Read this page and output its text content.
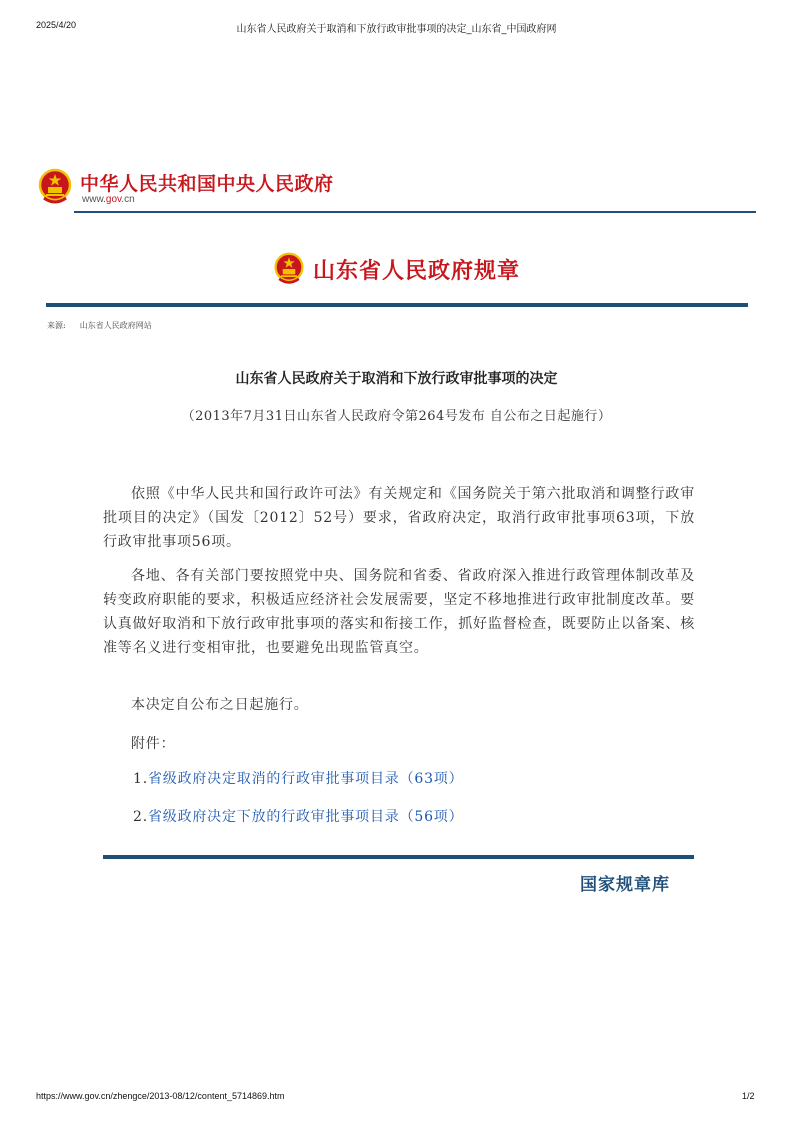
2025/4/20	山东省人民政府关于取消和下放行政审批事项的决定_山东省_中国政府网
中华人民共和国中央人民政府
www.gov.cn
山东省人民政府规章
来源: 山东省人民政府网站
山东省人民政府关于取消和下放行政审批事项的决定
（2013年7月31日山东省人民政府令第264号发布 自公布之日起施行）

依照《中华人民共和国行政许可法》有关规定和《国务院关于第六批取消和调整行政审批项目的决定》（国发〔2012〕52号）要求，省政府决定，取消行政审批事项63项，下放行政审批事项56项。

各地、各有关部门要按照党中央、国务院和省委、省政府深入推进行政管理体制改革及转变政府职能的要求，积极适应经济社会发展需要，坚定不移地推进行政审批制度改革。要认真做好取消和下放行政审批事项的落实和衔接工作，抓好监督检查，既要防止以备案、核准等名义进行变相审批，也要避免出现监管真空。

本决定自公布之日起施行。

附件：

1.省级政府决定取消的行政审批事项目录（63项）
2.省级政府决定下放的行政审批事项目录（56项）
国家规章库
https://www.gov.cn/zhengce/2013-08/12/content_5714869.htm	1/2
